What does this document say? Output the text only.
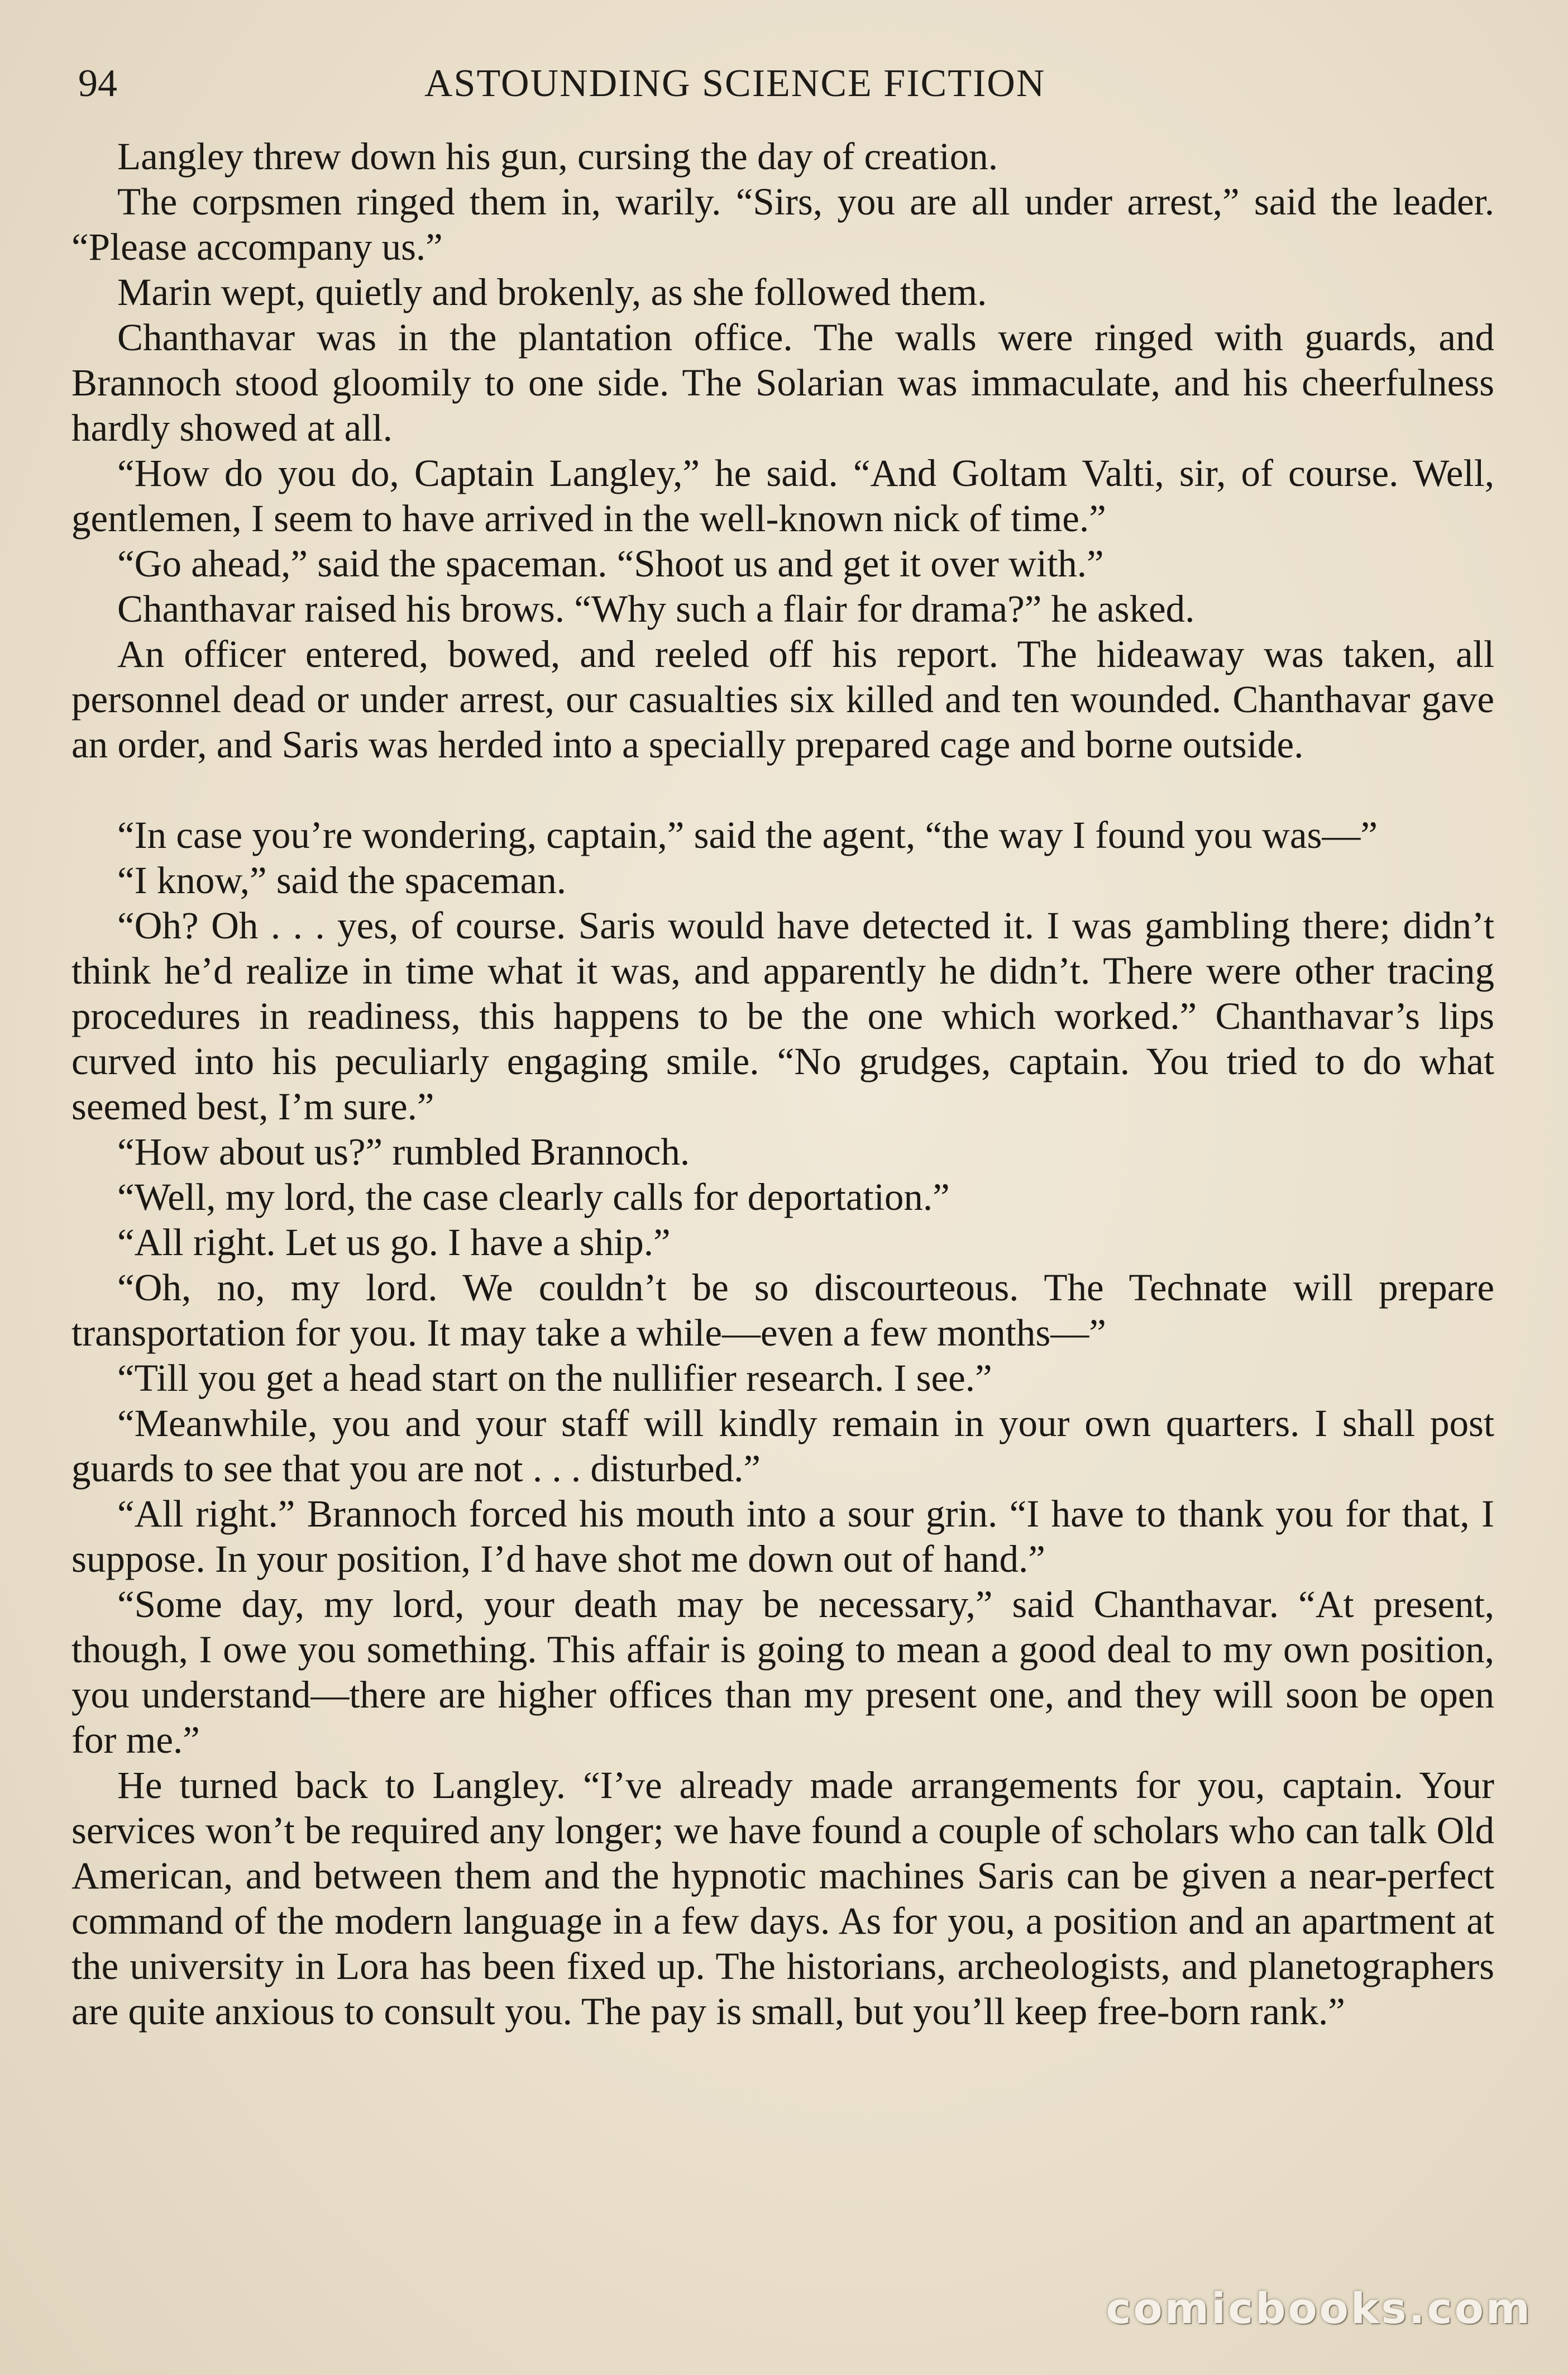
94	ASTOUNDING SCIENCE FICTION

Langley threw down his gun, cursing the day of creation.

The corpsmen ringed them in, warily. “Sirs, you are all under arrest,” said the leader. “Please accompany us.”

Marin wept, quietly and brokenly, as she followed them.

Chanthavar was in the plantation office. The walls were ringed with guards, and Brannoch stood gloomily to one side. The Solarian was immaculate, and his cheerfulness hardly showed at all.

“How do you do, Captain Langley,” he said. “And Goltam Valti, sir, of course. Well, gentlemen, I seem to have arrived in the well-known nick of time.”

“Go ahead,” said the spaceman. “Shoot us and get it over with.”

Chanthavar raised his brows. “Why such a flair for drama?” he asked.

An officer entered, bowed, and reeled off his report. The hideaway was taken, all personnel dead or under arrest, our casualties six killed and ten wounded. Chanthavar gave an order, and Saris was herded into a specially prepared cage and borne outside.

“In case you’re wondering, captain,” said the agent, “the way I found you was—”

“I know,” said the spaceman.

“Oh? Oh . . . yes, of course. Saris would have detected it. I was gambling there; didn’t think he’d realize in time what it was, and apparently he didn’t. There were other tracing procedures in readiness, this happens to be the one which worked.” Chanthavar’s lips curved into his peculiarly engaging smile. “No grudges, captain. You tried to do what seemed best, I’m sure.”

“How about us?” rumbled Brannoch.

“Well, my lord, the case clearly calls for deportation.”

“All right. Let us go. I have a ship.”

“Oh, no, my lord. We couldn’t be so discourteous. The Technate will prepare transportation for you. It may take a while—even a few months—”

“Till you get a head start on the nullifier research. I see.”

“Meanwhile, you and your staff will kindly remain in your own quarters. I shall post guards to see that you are not . . . disturbed.”

“All right.” Brannoch forced his mouth into a sour grin. “I have to thank you for that, I suppose. In your position, I’d have shot me down out of hand.”

“Some day, my lord, your death may be necessary,” said Chanthavar. “At present, though, I owe you something. This affair is going to mean a good deal to my own position, you understand—there are higher offices than my present one, and they will soon be open for me.”

He turned back to Langley. “I’ve already made arrangements for you, captain. Your services won’t be required any longer; we have found a couple of scholars who can talk Old American, and between them and the hypnotic machines Saris can be given a near-perfect command of the modern language in a few days. As for you, a position and an apartment at the university in Lora has been fixed up. The historians, archeologists, and planetographers are quite anxious to consult you. The pay is small, but you’ll keep free-born rank.”

comicbooks.com
